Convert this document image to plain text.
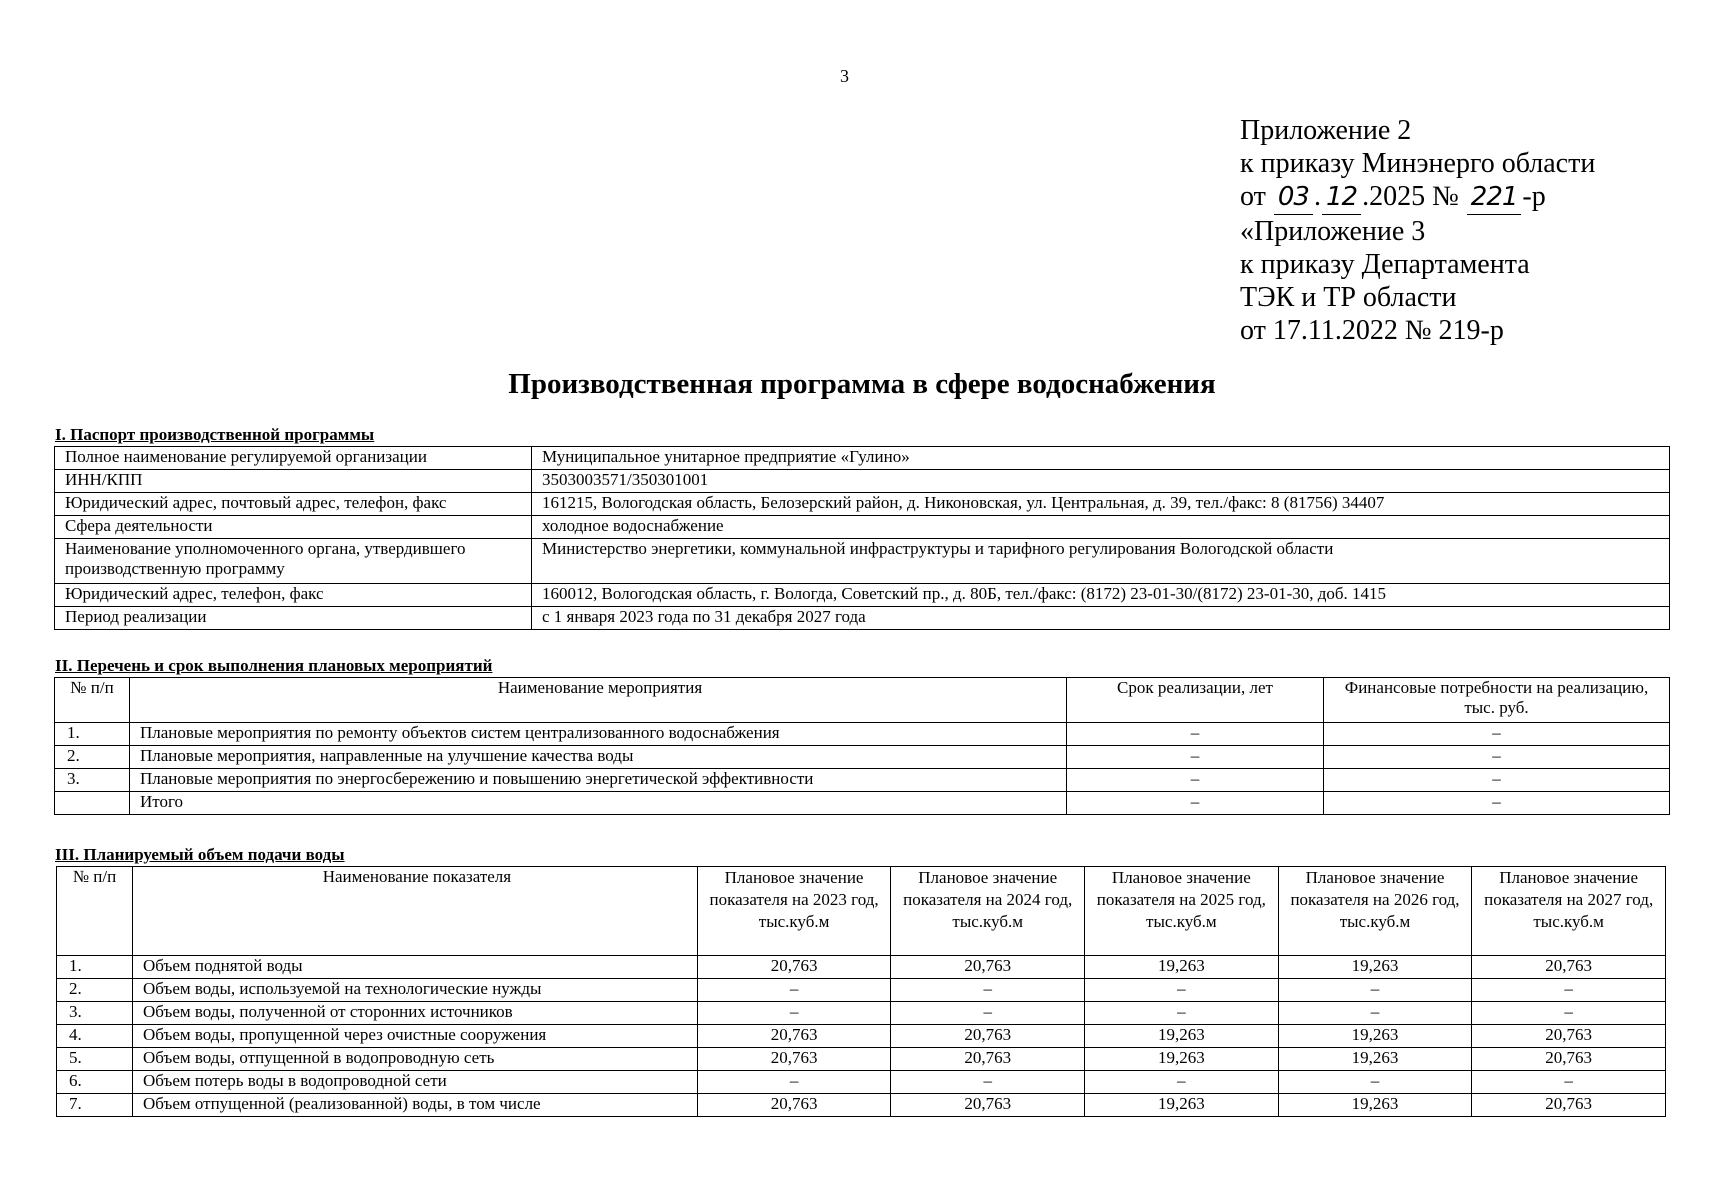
3
Приложение 2
к приказу Минэнерго области
от 03 . 12 .2025 № 221 -р
«Приложение 3
к приказу Департамента
ТЭК и ТР области
от 17.11.2022 № 219-р
Производственная программа в сфере водоснабжения
I. Паспорт производственной программы
Полное наименование регулируемой организации	Муниципальное унитарное предприятие «Гулино»
ИНН/КПП	3503003571/350301001
Юридический адрес, почтовый адрес, телефон, факс	161215, Вологодская область, Белозерский район, д. Никоновская, ул. Центральная, д. 39, тел./факс: 8 (81756) 34407
Сфера деятельности	холодное водоснабжение
Наименование уполномоченного органа, утвердившего производственную программу	Министерство энергетики, коммунальной инфраструктуры и тарифного регулирования Вологодской области
Юридический адрес, телефон, факс	160012, Вологодская область, г. Вологда, Советский пр., д. 80Б, тел./факс: (8172) 23-01-30/(8172) 23-01-30, доб. 1415
Период реализации	с 1 января 2023 года по 31 декабря 2027 года
II. Перечень и срок выполнения плановых мероприятий
№ п/п	Наименование мероприятия	Срок реализации, лет	Финансовые потребности на реализацию, тыс. руб.
1.	Плановые мероприятия по ремонту объектов систем централизованного водоснабжения	–	–
2.	Плановые мероприятия, направленные на улучшение качества воды	–	–
3.	Плановые мероприятия по энергосбережению и повышению энергетической эффективности	–	–
	Итого	–	–
III. Планируемый объем подачи воды
№ п/п	Наименование показателя	Плановое значение показателя на 2023 год, тыс.куб.м	Плановое значение показателя на 2024 год, тыс.куб.м	Плановое значение показателя на 2025 год, тыс.куб.м	Плановое значение показателя на 2026 год, тыс.куб.м	Плановое значение показателя на 2027 год, тыс.куб.м
1.	Объем поднятой воды	20,763	20,763	19,263	19,263	20,763
2.	Объем воды, используемой на технологические нужды	–	–	–	–	–
3.	Объем воды, полученной от сторонних источников	–	–	–	–	–
4.	Объем воды, пропущенной через очистные сооружения	20,763	20,763	19,263	19,263	20,763
5.	Объем воды, отпущенной в водопроводную сеть	20,763	20,763	19,263	19,263	20,763
6.	Объем потерь воды в водопроводной сети	–	–	–	–	–
7.	Объем отпущенной (реализованной) воды, в том числе	20,763	20,763	19,263	19,263	20,763
